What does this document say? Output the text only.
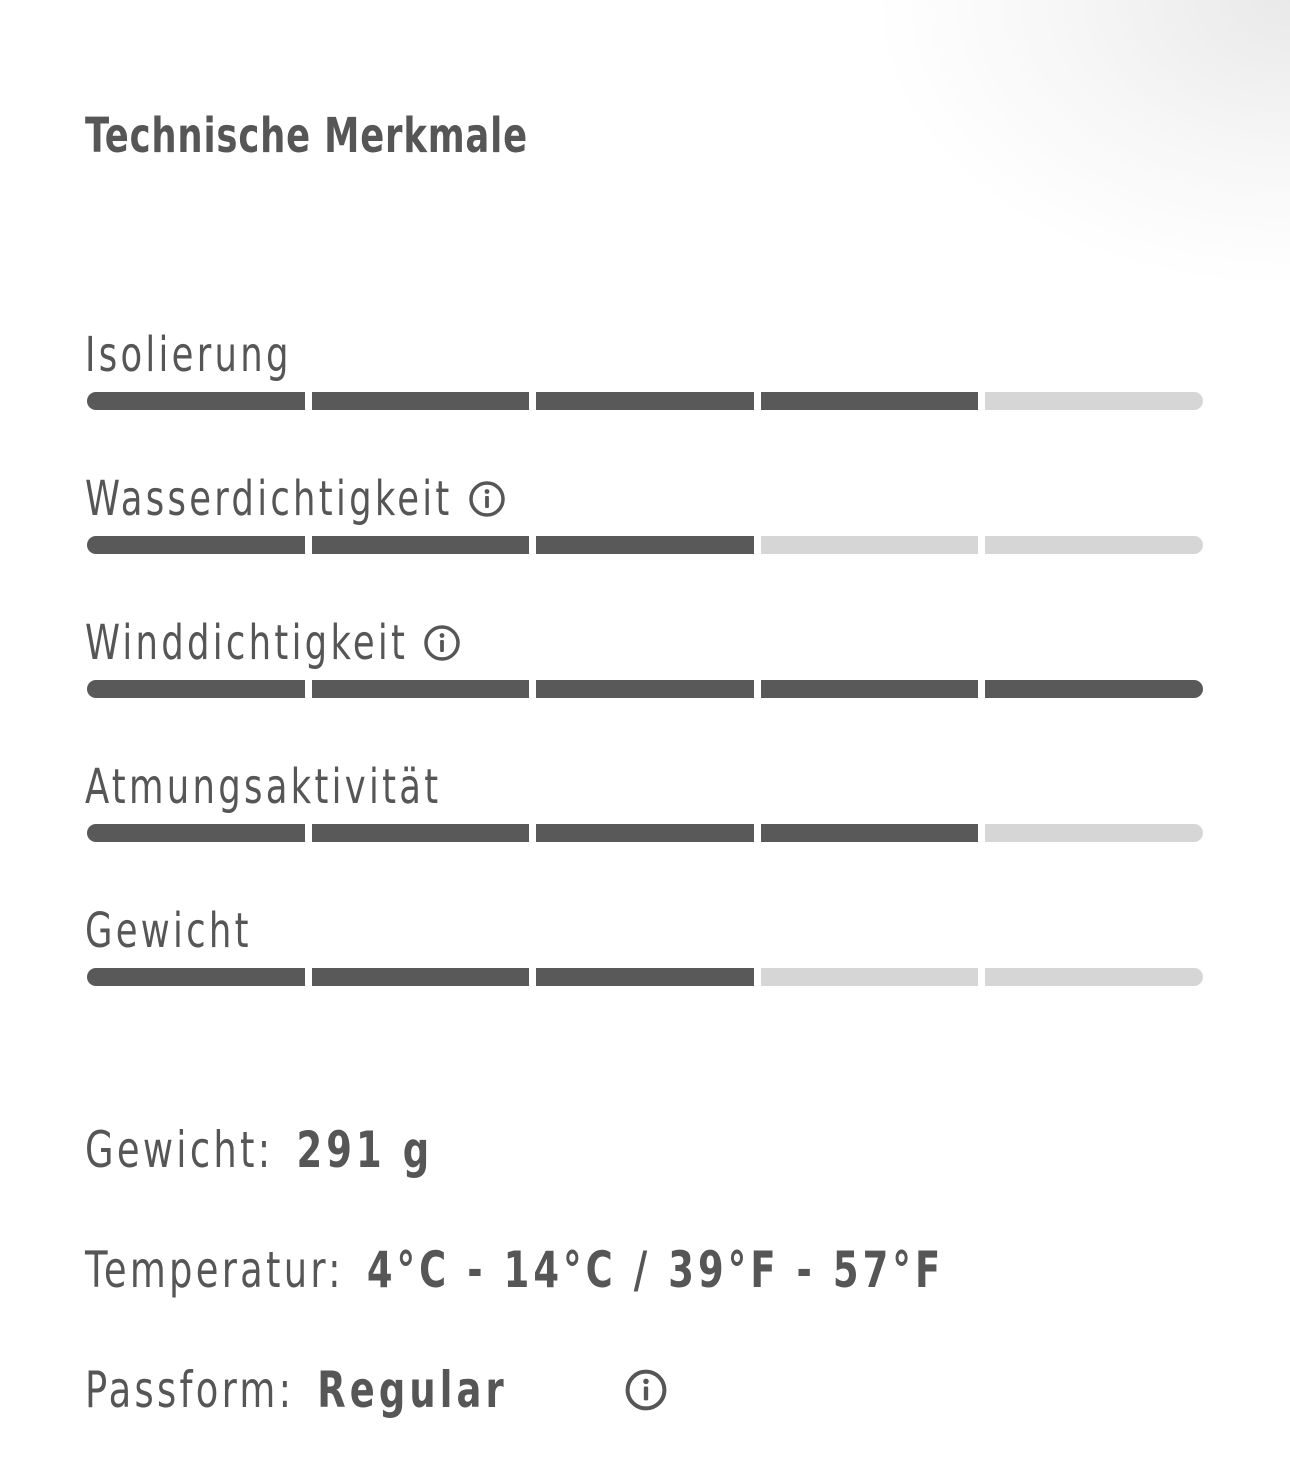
Technische Merkmale
Isolierung
Wasserdichtigkeit
Winddichtigkeit
Atmungsaktivität
Gewicht
Gewicht: 291 g
Temperatur: 4°C - 14°C / 39°F - 57°F
Passform: Regular
